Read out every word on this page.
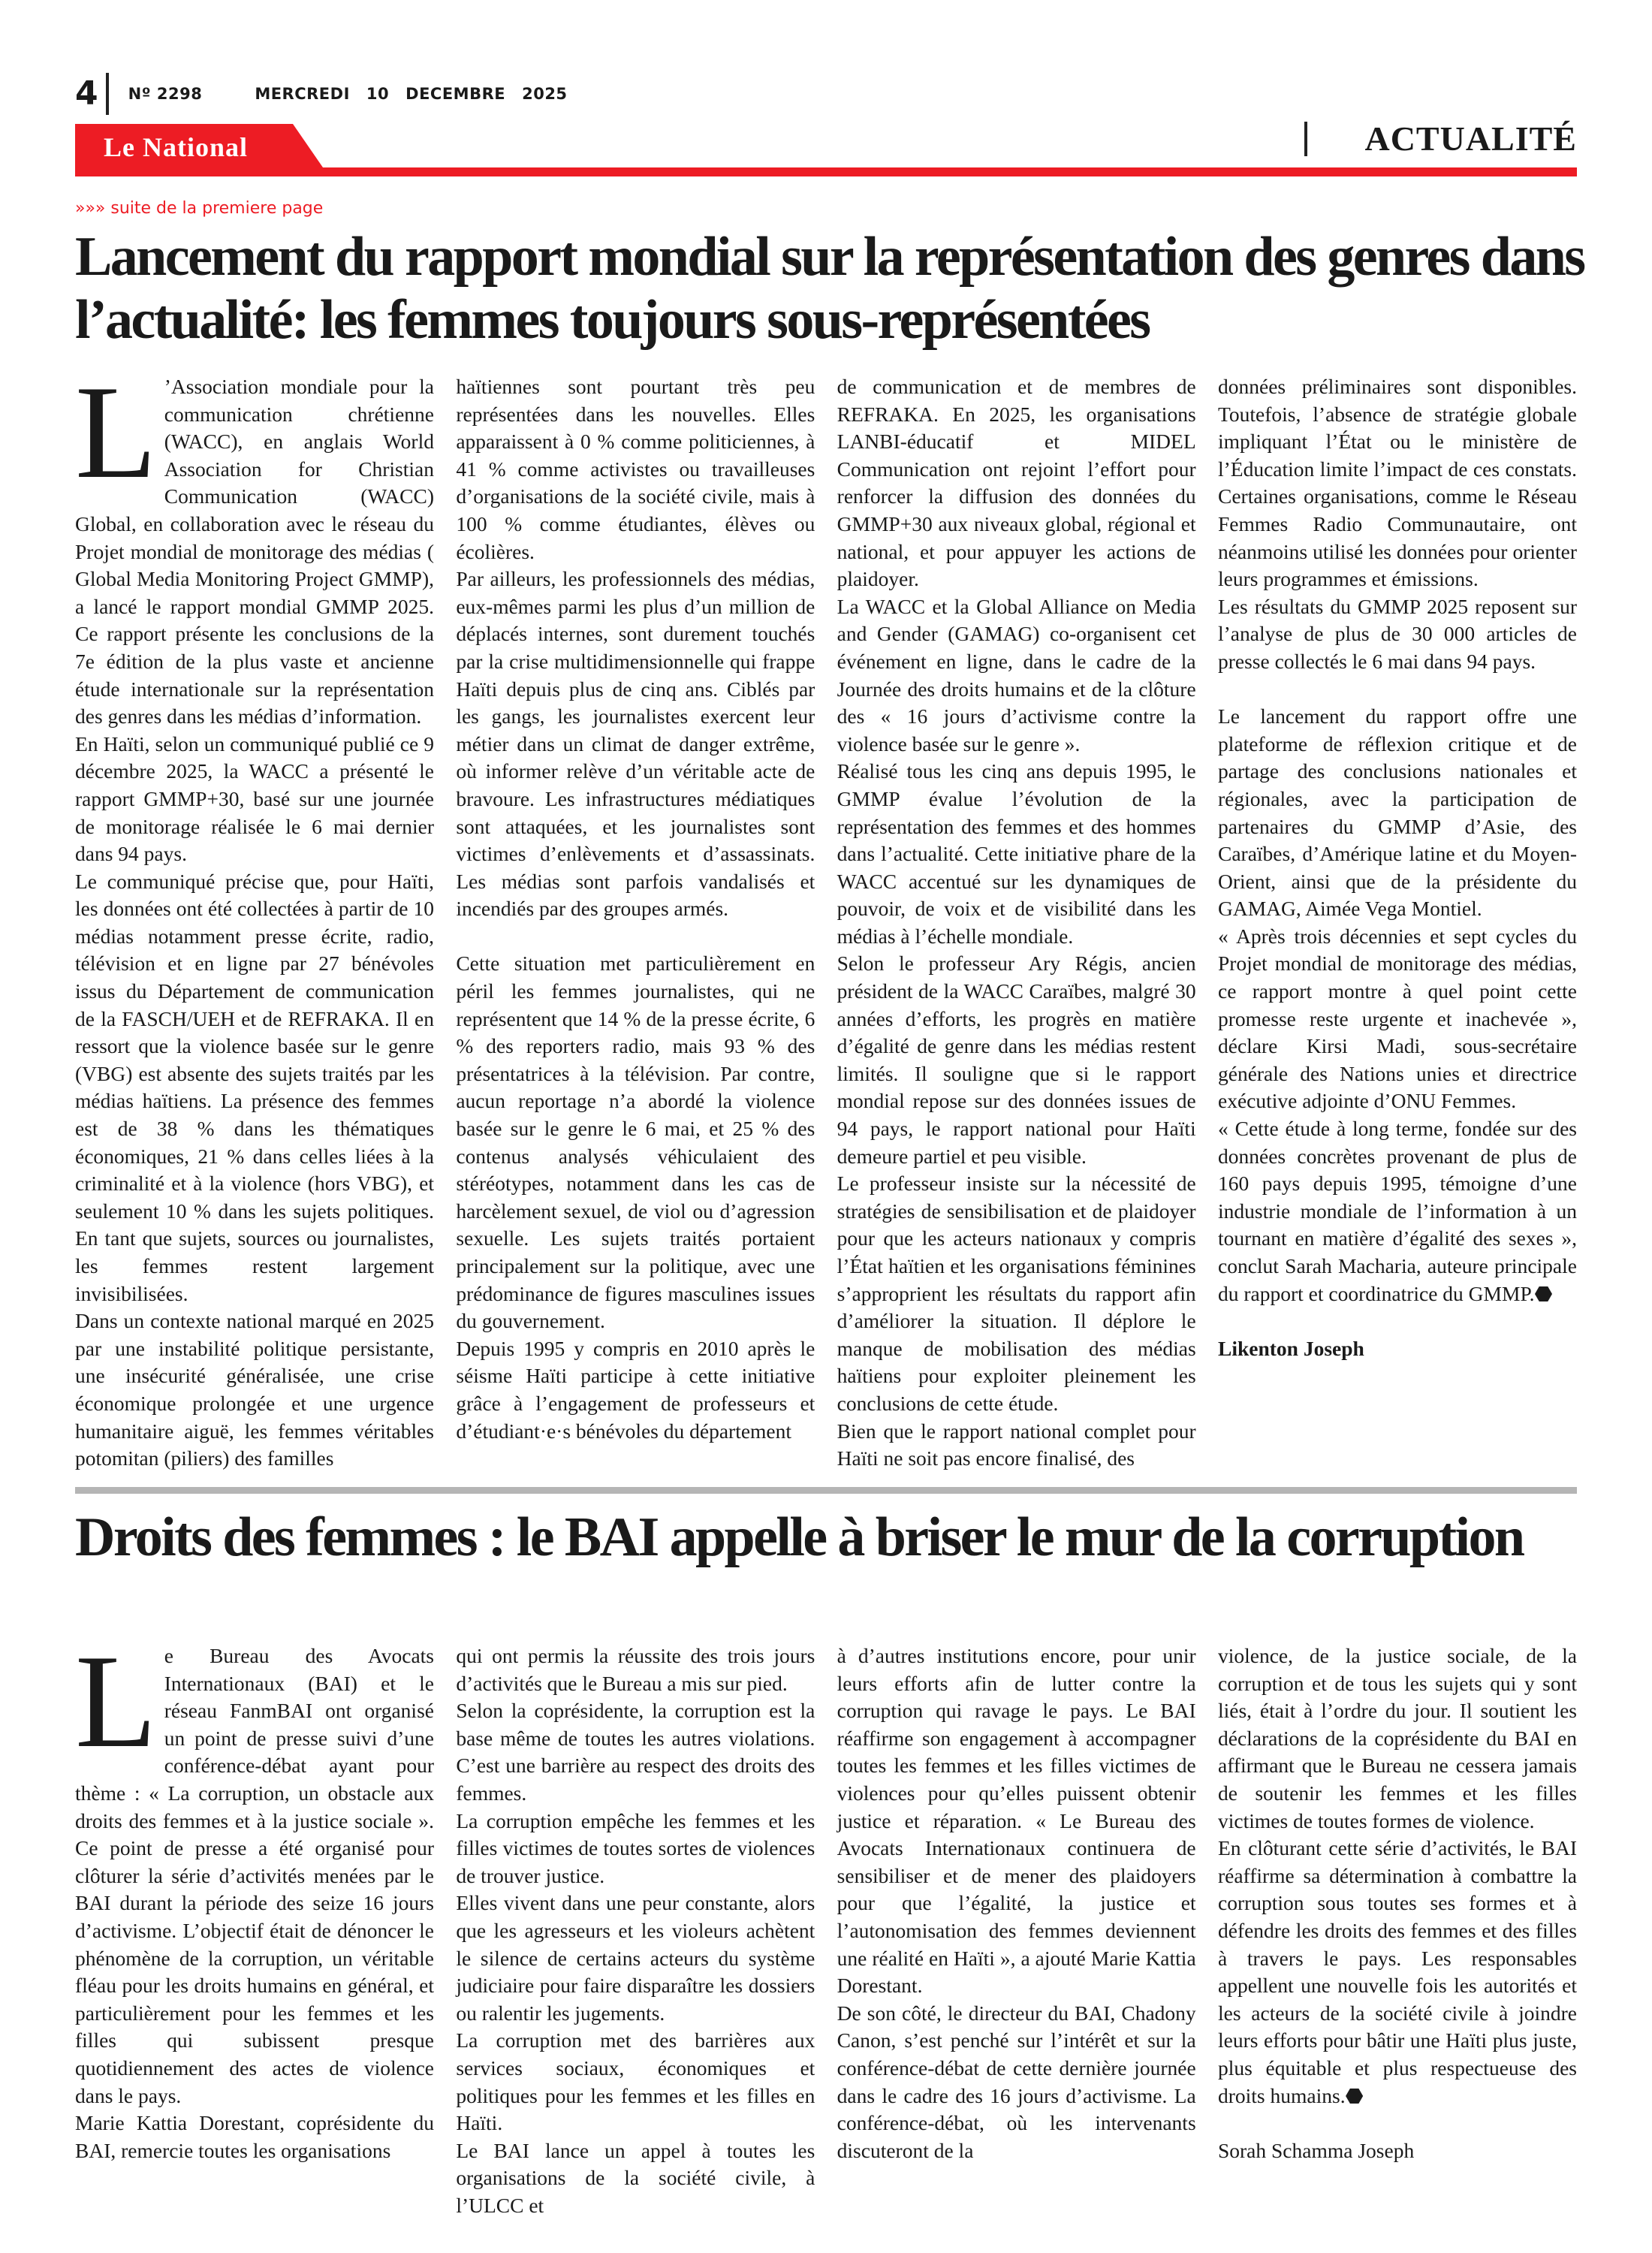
4	Nº 2298	MERCREDI 10 DECEMBRE 2025
Le National	ACTUALITÉ
»»» suite de la premiere page
Lancement du rapport mondial sur la représentation des genres dans l’actualité: les femmes toujours sous-représentées

L ’Association mondiale pour la communication chrétienne (WACC), en anglais World Association for Christian Communication (WACC) Global, en collaboration avec le réseau du Projet mondial de monitorage des médias ( Global Media Monitoring Project GMMP), a lancé le rapport mondial GMMP 2025. Ce rapport présente les conclusions de la 7e édition de la plus vaste et ancienne étude internationale sur la représentation des genres dans les médias d’information.

En Haïti, selon un communiqué publié ce 9 décembre 2025, la WACC a présenté le rapport GMMP+30, basé sur une journée de monitorage réalisée le 6 mai dernier dans 94 pays.

Le communiqué précise que, pour Haïti, les données ont été collectées à partir de 10 médias notamment presse écrite, radio, télévision et en ligne par 27 bénévoles issus du Département de communication de la FASCH/UEH et de REFRAKA. Il en ressort que la violence basée sur le genre (VBG) est absente des sujets traités par les médias haïtiens. La présence des femmes est de 38 % dans les thématiques économiques, 21 % dans celles liées à la criminalité et à la violence (hors VBG), et seulement 10 % dans les sujets politiques. En tant que sujets, sources ou journalistes, les femmes restent largement invisibilisées.

Dans un contexte national marqué en 2025 par une instabilité politique persistante, une insécurité généralisée, une crise économique prolongée et une urgence humanitaire aiguë, les femmes véritables potomitan (piliers) des familles

haïtiennes sont pourtant très peu représentées dans les nouvelles. Elles apparaissent à 0 % comme politiciennes, à 41 % comme activistes ou travailleuses d’organisations de la société civile, mais à 100 % comme étudiantes, élèves ou écolières.

Par ailleurs, les professionnels des médias, eux-mêmes parmi les plus d’un million de déplacés internes, sont durement touchés par la crise multidimensionnelle qui frappe Haïti depuis plus de cinq ans. Ciblés par les gangs, les journalistes exercent leur métier dans un climat de danger extrême, où informer relève d’un véritable acte de bravoure. Les infrastructures médiatiques sont attaquées, et les journalistes sont victimes d’enlèvements et d’assassinats. Les médias sont parfois vandalisés et incendiés par des groupes armés.

Cette situation met particulièrement en péril les femmes journalistes, qui ne représentent que 14 % de la presse écrite, 6 % des reporters radio, mais 93 % des présentatrices à la télévision. Par contre, aucun reportage n’a abordé la violence basée sur le genre le 6 mai, et 25 % des contenus analysés véhiculaient des stéréotypes, notamment dans les cas de harcèlement sexuel, de viol ou d’agression sexuelle. Les sujets traités portaient principalement sur la politique, avec une prédominance de figures masculines issues du gouvernement.

Depuis 1995 y compris en 2010 après le séisme Haïti participe à cette initiative grâce à l’engagement de professeurs et d’étudiant·e·s bénévoles du département

de communication et de membres de REFRAKA. En 2025, les organisations LANBI-éducatif et MIDEL Communication ont rejoint l’effort pour renforcer la diffusion des données du GMMP+30 aux niveaux global, régional et national, et pour appuyer les actions de plaidoyer.

La WACC et la Global Alliance on Media and Gender (GAMAG) co-organisent cet événement en ligne, dans le cadre de la Journée des droits humains et de la clôture des « 16 jours d’activisme contre la violence basée sur le genre ».

Réalisé tous les cinq ans depuis 1995, le GMMP évalue l’évolution de la représentation des femmes et des hommes dans l’actualité. Cette initiative phare de la WACC accentué sur les dynamiques de pouvoir, de voix et de visibilité dans les médias à l’échelle mondiale.

Selon le professeur Ary Régis, ancien président de la WACC Caraïbes, malgré 30 années d’efforts, les progrès en matière d’égalité de genre dans les médias restent limités. Il souligne que si le rapport mondial repose sur des données issues de 94 pays, le rapport national pour Haïti demeure partiel et peu visible.

Le professeur insiste sur la nécessité de stratégies de sensibilisation et de plaidoyer pour que les acteurs nationaux y compris l’État haïtien et les organisations féminines s’approprient les résultats du rapport afin d’améliorer la situation. Il déplore le manque de mobilisation des médias haïtiens pour exploiter pleinement les conclusions de cette étude.

Bien que le rapport national complet pour Haïti ne soit pas encore finalisé, des

données préliminaires sont disponibles. Toutefois, l’absence de stratégie globale impliquant l’État ou le ministère de l’Éducation limite l’impact de ces constats. Certaines organisations, comme le Réseau Femmes Radio Communautaire, ont néanmoins utilisé les données pour orienter leurs programmes et émissions.

Les résultats du GMMP 2025 reposent sur l’analyse de plus de 30 000 articles de presse collectés le 6 mai dans 94 pays.

Le lancement du rapport offre une plateforme de réflexion critique et de partage des conclusions nationales et régionales, avec la participation de partenaires du GMMP d’Asie, des Caraïbes, d’Amérique latine et du Moyen-Orient, ainsi que de la présidente du GAMAG, Aimée Vega Montiel.

« Après trois décennies et sept cycles du Projet mondial de monitorage des médias, ce rapport montre à quel point cette promesse reste urgente et inachevée », déclare Kirsi Madi, sous-secrétaire générale des Nations unies et directrice exécutive adjointe d’ONU Femmes.

« Cette étude à long terme, fondée sur des données concrètes provenant de plus de 160 pays depuis 1995, témoigne d’une industrie mondiale de l’information à un tournant en matière d’égalité des sexes », conclut Sarah Macharia, auteure principale du rapport et coordinatrice du GMMP.⬣

Likenton Joseph

Droits des femmes : le BAI appelle à briser le mur de la corruption

Le Bureau des Avocats Internationaux (BAI) et le réseau FanmBAI ont organisé un point de presse suivi d’une conférence-débat ayant pour thème : « La corruption, un obstacle aux droits des femmes et à la justice sociale ». Ce point de presse a été organisé pour clôturer la série d’activités menées par le BAI durant la période des seize 16 jours d’activisme. L’objectif était de dénoncer le phénomène de la corruption, un véritable fléau pour les droits humains en général, et particulièrement pour les femmes et les filles qui subissent presque quotidiennement des actes de violence dans le pays.

Marie Kattia Dorestant, coprésidente du BAI, remercie toutes les organisations

qui ont permis la réussite des trois jours d’activités que le Bureau a mis sur pied.

Selon la coprésidente, la corruption est la base même de toutes les autres violations. C’est une barrière au respect des droits des femmes.

La corruption empêche les femmes et les filles victimes de toutes sortes de violences de trouver justice.

Elles vivent dans une peur constante, alors que les agresseurs et les violeurs achètent le silence de certains acteurs du système judiciaire pour faire disparaître les dossiers ou ralentir les jugements.

La corruption met des barrières aux services sociaux, économiques et politiques pour les femmes et les filles en Haïti.

Le BAI lance un appel à toutes les organisations de la société civile, à l’ULCC et

à d’autres institutions encore, pour unir leurs efforts afin de lutter contre la corruption qui ravage le pays. Le BAI réaffirme son engagement à accompagner toutes les femmes et les filles victimes de violences pour qu’elles puissent obtenir justice et réparation. « Le Bureau des Avocats Internationaux continuera de sensibiliser et de mener des plaidoyers pour que l’égalité, la justice et l’autonomisation des femmes deviennent une réalité en Haïti », a ajouté Marie Kattia Dorestant.

De son côté, le directeur du BAI, Chadony Canon, s’est penché sur l’intérêt et sur la conférence-débat de cette dernière journée dans le cadre des 16 jours d’activisme. La conférence-débat, où les intervenants discuteront de la

violence, de la justice sociale, de la corruption et de tous les sujets qui y sont liés, était à l’ordre du jour. Il soutient les déclarations de la coprésidente du BAI en affirmant que le Bureau ne cessera jamais de soutenir les femmes et les filles victimes de toutes formes de violence.

En clôturant cette série d’activités, le BAI réaffirme sa détermination à combattre la corruption sous toutes ses formes et à défendre les droits des femmes et des filles à travers le pays. Les responsables appellent une nouvelle fois les autorités et les acteurs de la société civile à joindre leurs efforts pour bâtir une Haïti plus juste, plus équitable et plus respectueuse des droits humains.⬣

Sorah Schamma Joseph
